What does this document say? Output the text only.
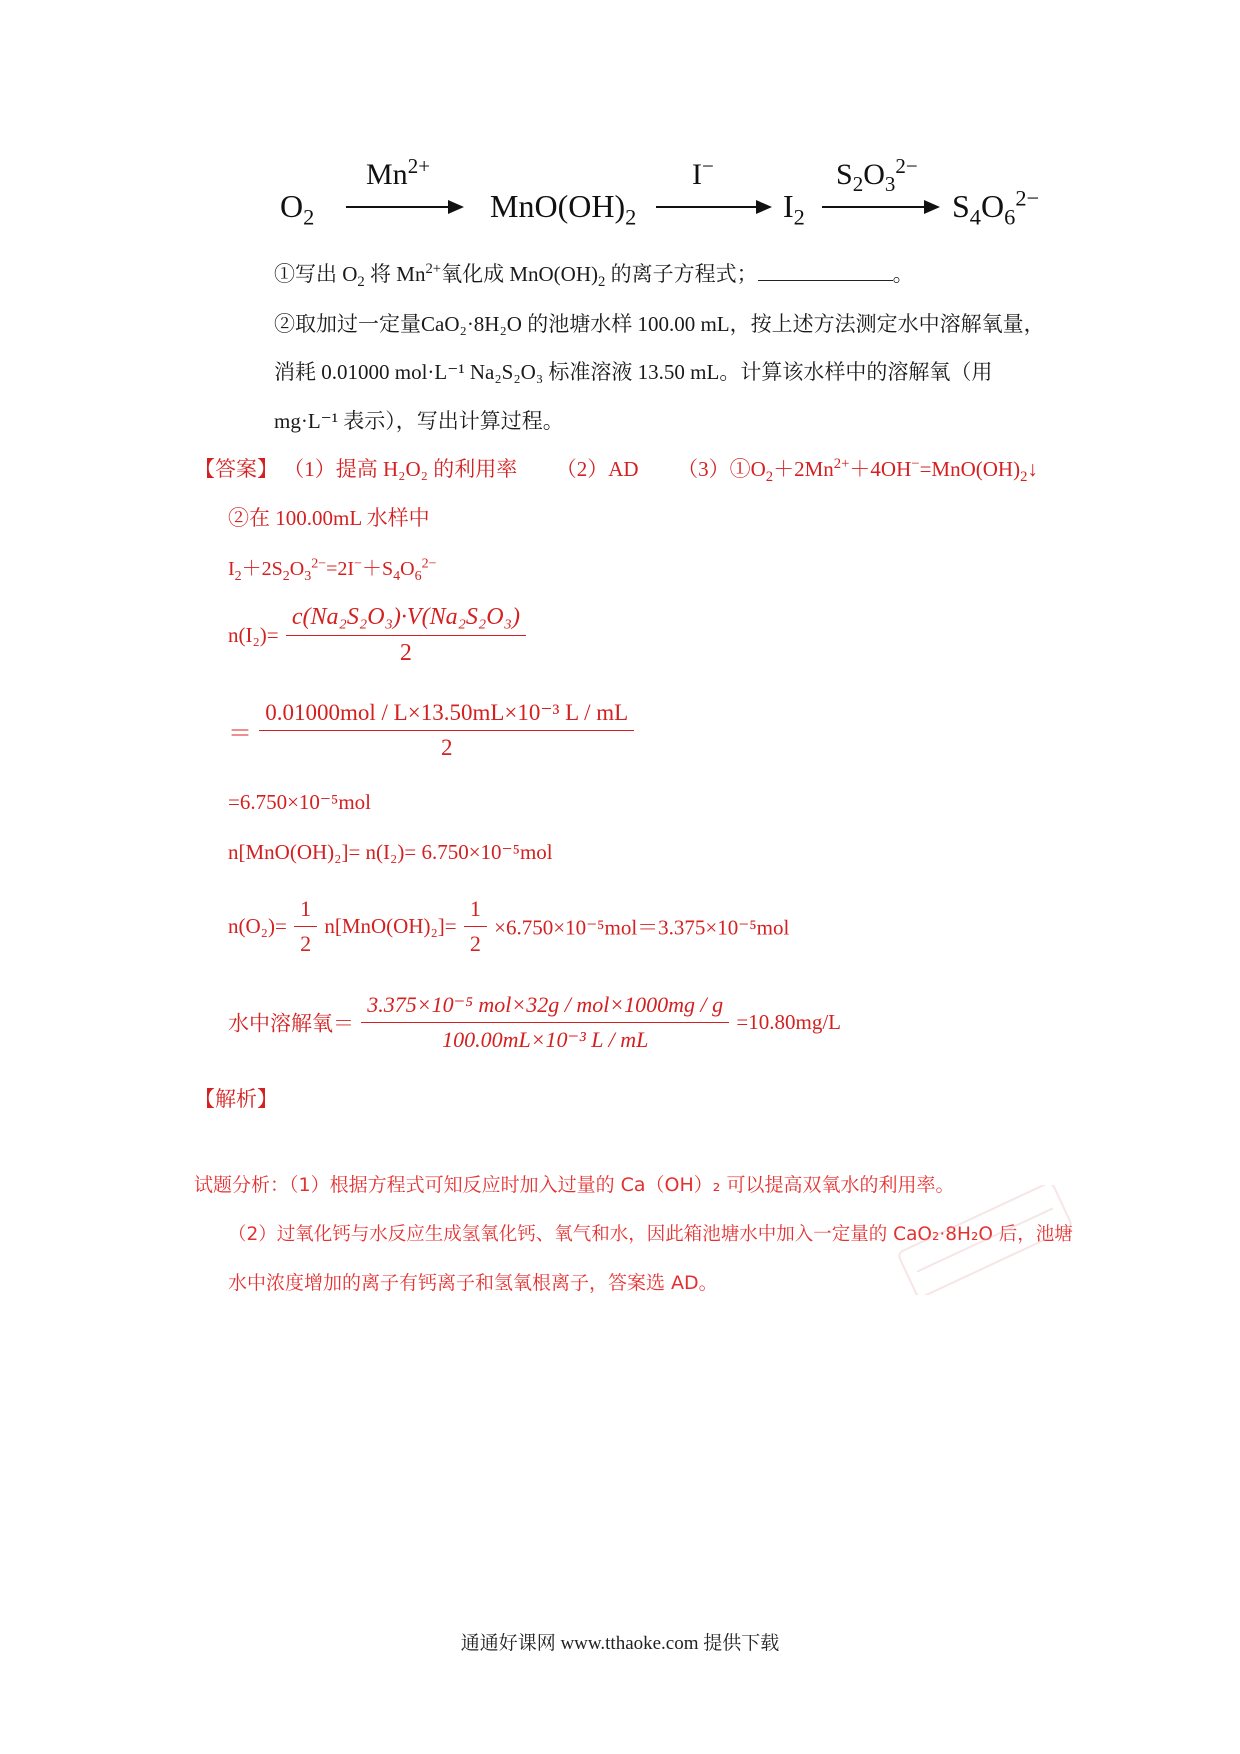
$O_2$
$Mn^{2+}$
$MnO(OH)_2$
I−
$I_2$
$S_2O_3^{2-}$
$S_4O_6^{2-}$
①写出 $O_2$ 将 $Mn^{2+}$氧化成 $MnO(OH)_2$ 的离子方程式；	。
②取加过一定量CaO₂·8H₂O 的池塘水样 100.00 mL，按上述方法测定水中溶解氧量，
消耗 0.01000 mol·L⁻¹ Na₂S₂O₃ 标准溶液 13.50 mL。计算该水样中的溶解氧（用
mg·L⁻¹ 表示），写出计算过程。
【答案】 （1）提高 H₂O₂ 的利用率 （2）AD $(3)①O_2+2Mn^{2+}+4OH^-=MnO(OH)_2↓$
②在 100.00mL 水样中
$I_2+2S_2O_3^{2-}=2I^-+S_4O_6^{2-}$
$n(I_2)= \frac{\text{c(Na₂S₂O₃)·V(Na₂S₂O₃)}}{2}$
＝ $\frac{\text{0.01000mol / L×13.50mL×10⁻³ L / mL}}{2}$
=6.750×10⁻⁵mol
n[MnO(OH)₂]= n(I₂)= 6.750×10⁻⁵mol
$n(O_2)= \frac{1}{2} n[MnO(OH)_2]= \frac{1}{2} \times 6.750\times 10^{-5}mol=3.375\times 10^{-5}mol$
水中溶解氧＝ $\frac{\text{3.375×10⁻⁵ mol×32g / mol×1000mg / g}}{\text{100.00mL×10⁻³ L / mL}} =10.80mg/L$
【解析】
试题分析：（1）根据方程式可知反应时加入过量的 Ca（OH）₂ 可以提高双氧水的利用率。
（2）过氧化钙与水反应生成氢氧化钙、氧气和水，因此箱池塘水中加入一定量的 CaO₂·8H₂O 后，池塘
水中浓度增加的离子有钙离子和氢氧根离子，答案选 AD。
通通好课网 www.tthaoke.com 提供下载
